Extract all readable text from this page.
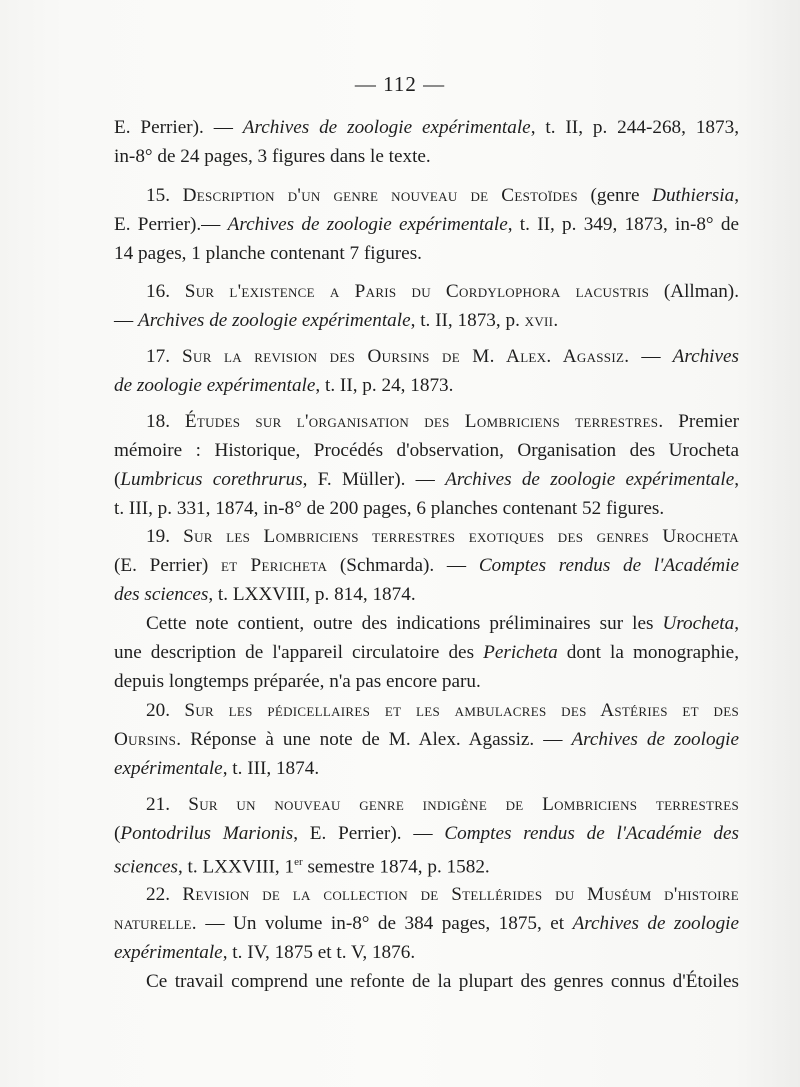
— 112 —
E. Perrier). — Archives de zoologie expérimentale, t. II, p. 244-268, 1873,
in-8° de 24 pages, 3 figures dans le texte.
15. Description d'un genre nouveau de Cestoïdes (genre Duthiersia,
E. Perrier).— Archives de zoologie expérimentale, t. II, p. 349, 1873, in-8° de
14 pages, 1 planche contenant 7 figures.
16. Sur l'existence a Paris du Cordylophora lacustris (Allman).
— Archives de zoologie expérimentale, t. II, 1873, p. xvii.
17. Sur la revision des Oursins de M. Alex. Agassiz. — Archives
de zoologie expérimentale, t. II, p. 24, 1873.
18. Études sur l'organisation des Lombriciens terrestres. Premier
mémoire : Historique, Procédés d'observation, Organisation des Urocheta
(Lumbricus corethrurus, F. Müller). — Archives de zoologie expérimentale,
t. III, p. 331, 1874, in-8° de 200 pages, 6 planches contenant 52 figures.
19. Sur les Lombriciens terrestres exotiques des genres Urocheta
(E. Perrier) et Pericheta (Schmarda). — Comptes rendus de l'Académie
des sciences, t. LXXVIII, p. 814, 1874.
Cette note contient, outre des indications préliminaires sur les Urocheta,
une description de l'appareil circulatoire des Pericheta dont la monographie,
depuis longtemps préparée, n'a pas encore paru.
20. Sur les pédicellaires et les ambulacres des Astéries et des
Oursins. Réponse à une note de M. Alex. Agassiz. — Archives de zoologie
expérimentale, t. III, 1874.
21. Sur un nouveau genre indigène de Lombriciens terrestres
(Pontodrilus Marionis, E. Perrier). — Comptes rendus de l'Académie des
sciences, t. LXXVIII, 1er semestre 1874, p. 1582.
22. Revision de la collection de Stellérides du Muséum d'histoire
naturelle. — Un volume in-8° de 384 pages, 1875, et Archives de zoologie
expérimentale, t. IV, 1875 et t. V, 1876.
Ce travail comprend une refonte de la plupart des genres connus d'Étoiles
